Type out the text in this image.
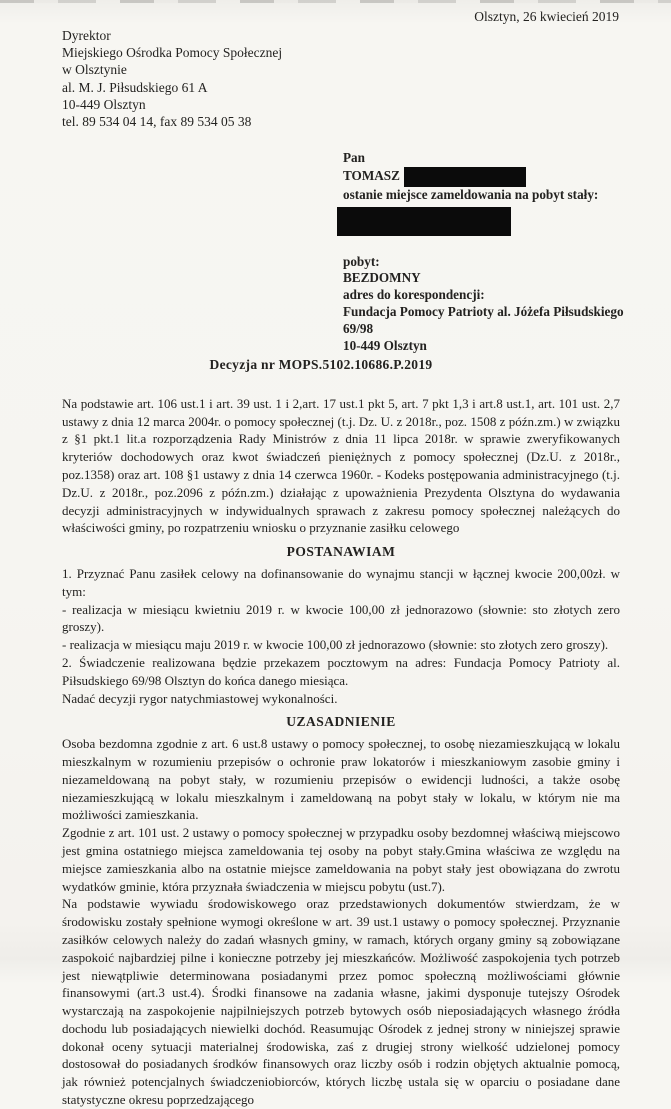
Olsztyn, 26 kwiecień 2019
Dyrektor
Miejskiego Ośrodka Pomocy Społecznej
w Olsztynie
al. M. J. Piłsudskiego 61 A
10-449 Olsztyn
tel. 89 534 04 14, fax 89 534 05 38
Pan
TOMASZ
ostanie miejsce zameldowania na pobyt stały:
pobyt:
BEZDOMNY
adres do korespondencji:
Fundacja Pomocy Patrioty al. Jóżefa Piłsudskiego
69/98
10-449 Olsztyn
Decyzja nr MOPS.5102.10686.P.2019

Na podstawie art. 106 ust.1 i art. 39 ust. 1 i 2,art. 17 ust.1 pkt 5, art. 7 pkt 1,3 i art.8 ust.1, art. 101 ust. 2,7 ustawy z dnia 12 marca 2004r. o pomocy społecznej (t.j. Dz. U. z 2018r., poz. 1508 z późn.zm.) w związku z §1 pkt.1 lit.a rozporządzenia Rady Ministrów z dnia 11 lipca 2018r. w sprawie zweryfikowanych kryteriów dochodowych oraz kwot świadczeń pieniężnych z pomocy społecznej (Dz.U. z 2018r., poz.1358) oraz art. 108 §1 ustawy z dnia 14 czerwca 1960r. - Kodeks postępowania administracyjnego (t.j. Dz.U. z 2018r., poz.2096 z późn.zm.) działając z upoważnienia Prezydenta Olsztyna do wydawania decyzji administracyjnych w indywidualnych sprawach z zakresu pomocy społecznej należących do właściwości gminy, po rozpatrzeniu wniosku o przyznanie zasiłku celowego

POSTANAWIAM
1. Przyznać Panu zasiłek celowy na dofinansowanie do wynajmu stancji w łącznej kwocie 200,00zł. w tym:
- realizacja w miesiącu kwietniu 2019 r. w kwocie 100,00 zł jednorazowo (słownie: sto złotych zero groszy).
- realizacja w miesiącu maju 2019 r. w kwocie 100,00 zł jednorazowo (słownie: sto złotych zero groszy).
2. Świadczenie realizowana będzie przekazem pocztowym na adres: Fundacja Pomocy Patrioty al. Piłsudskiego 69/98 Olsztyn do końca danego miesiąca.
Nadać decyzji rygor natychmiastowej wykonalności.
UZASADNIENIE

Osoba bezdomna zgodnie z art. 6 ust.8 ustawy o pomocy społecznej, to osobę niezamieszkującą w lokalu mieszkalnym w rozumieniu przepisów o ochronie praw lokatorów i mieszkaniowym zasobie gminy i niezameldowaną na pobyt stały, w rozumieniu przepisów o ewidencji ludności, a także osobę niezamieszkującą w lokalu mieszkalnym i zameldowaną na pobyt stały w lokalu, w którym nie ma możliwości zamieszkania.

Zgodnie z art. 101 ust. 2 ustawy o pomocy społecznej w przypadku osoby bezdomnej właściwą miejscowo jest gmina ostatniego miejsca zameldowania tej osoby na pobyt stały.Gmina właściwa ze względu na miejsce zamieszkania albo na ostatnie miejsce zameldowania na pobyt stały jest obowiązana do zwrotu wydatków gminie, która przyznała świadczenia w miejscu pobytu (ust.7).

Na podstawie wywiadu środowiskowego oraz przedstawionych dokumentów stwierdzam, że w środowisku zostały spełnione wymogi określone w art. 39 ust.1 ustawy o pomocy społecznej. Przyznanie zasiłków celowych należy do zadań własnych gminy, w ramach, których organy gminy są zobowiązane zaspokoić najbardziej pilne i konieczne potrzeby jej mieszkańców. Możliwość zaspokojenia tych potrzeb jest niewątpliwie determinowana posiadanymi przez pomoc społeczną możliwościami głównie finansowymi (art.3 ust.4). Środki finansowe na zadania własne, jakimi dysponuje tutejszy Ośrodek wystarczają na zaspokojenie najpilniejszych potrzeb bytowych osób nieposiadających własnego źródła dochodu lub posiadających niewielki dochód. Reasumując Ośrodek z jednej strony w niniejszej sprawie dokonał oceny sytuacji materialnej środowiska, zaś z drugiej strony wielkość udzielonej pomocy dostosował do posiadanych środków finansowych oraz liczby osób i rodzin objętych aktualnie pomocą, jak również potencjalnych świadczeniobiorców, których liczbę ustala się w oparciu o posiadane dane statystyczne okresu poprzedzającego
